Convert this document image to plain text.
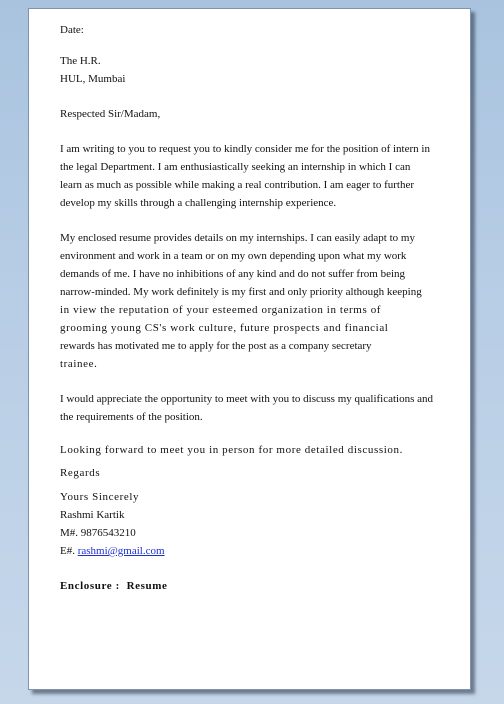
Date:
The H.R.
HUL, Mumbai
Respected Sir/Madam,
I am writing to you to request you to kindly consider me for the position of intern in
the legal Department. I am enthusiastically seeking an internship in which I can
learn as much as possible while making a real contribution. I am eager to further
develop my skills through a challenging internship experience.
My enclosed resume provides details on my internships. I can easily adapt to my
environment and work in a team or on my own depending upon what my work
demands of me. I have no inhibitions of any kind and do not suffer from being
narrow-minded. My work definitely is my first and only priority although keeping
in view the reputation of your esteemed organization in terms of
grooming young CS's work culture, future prospects and financial
rewards has motivated me to apply for the post as a company secretary
trainee.
I would appreciate the opportunity to meet with you to discuss my qualifications and
the requirements of the position.
Looking forward to meet you in person for more detailed discussion.
Regards
Yours Sincerely
Rashmi Kartik
M#. 9876543210
E#. rashmi@gmail.com
Enclosure :  Resume
